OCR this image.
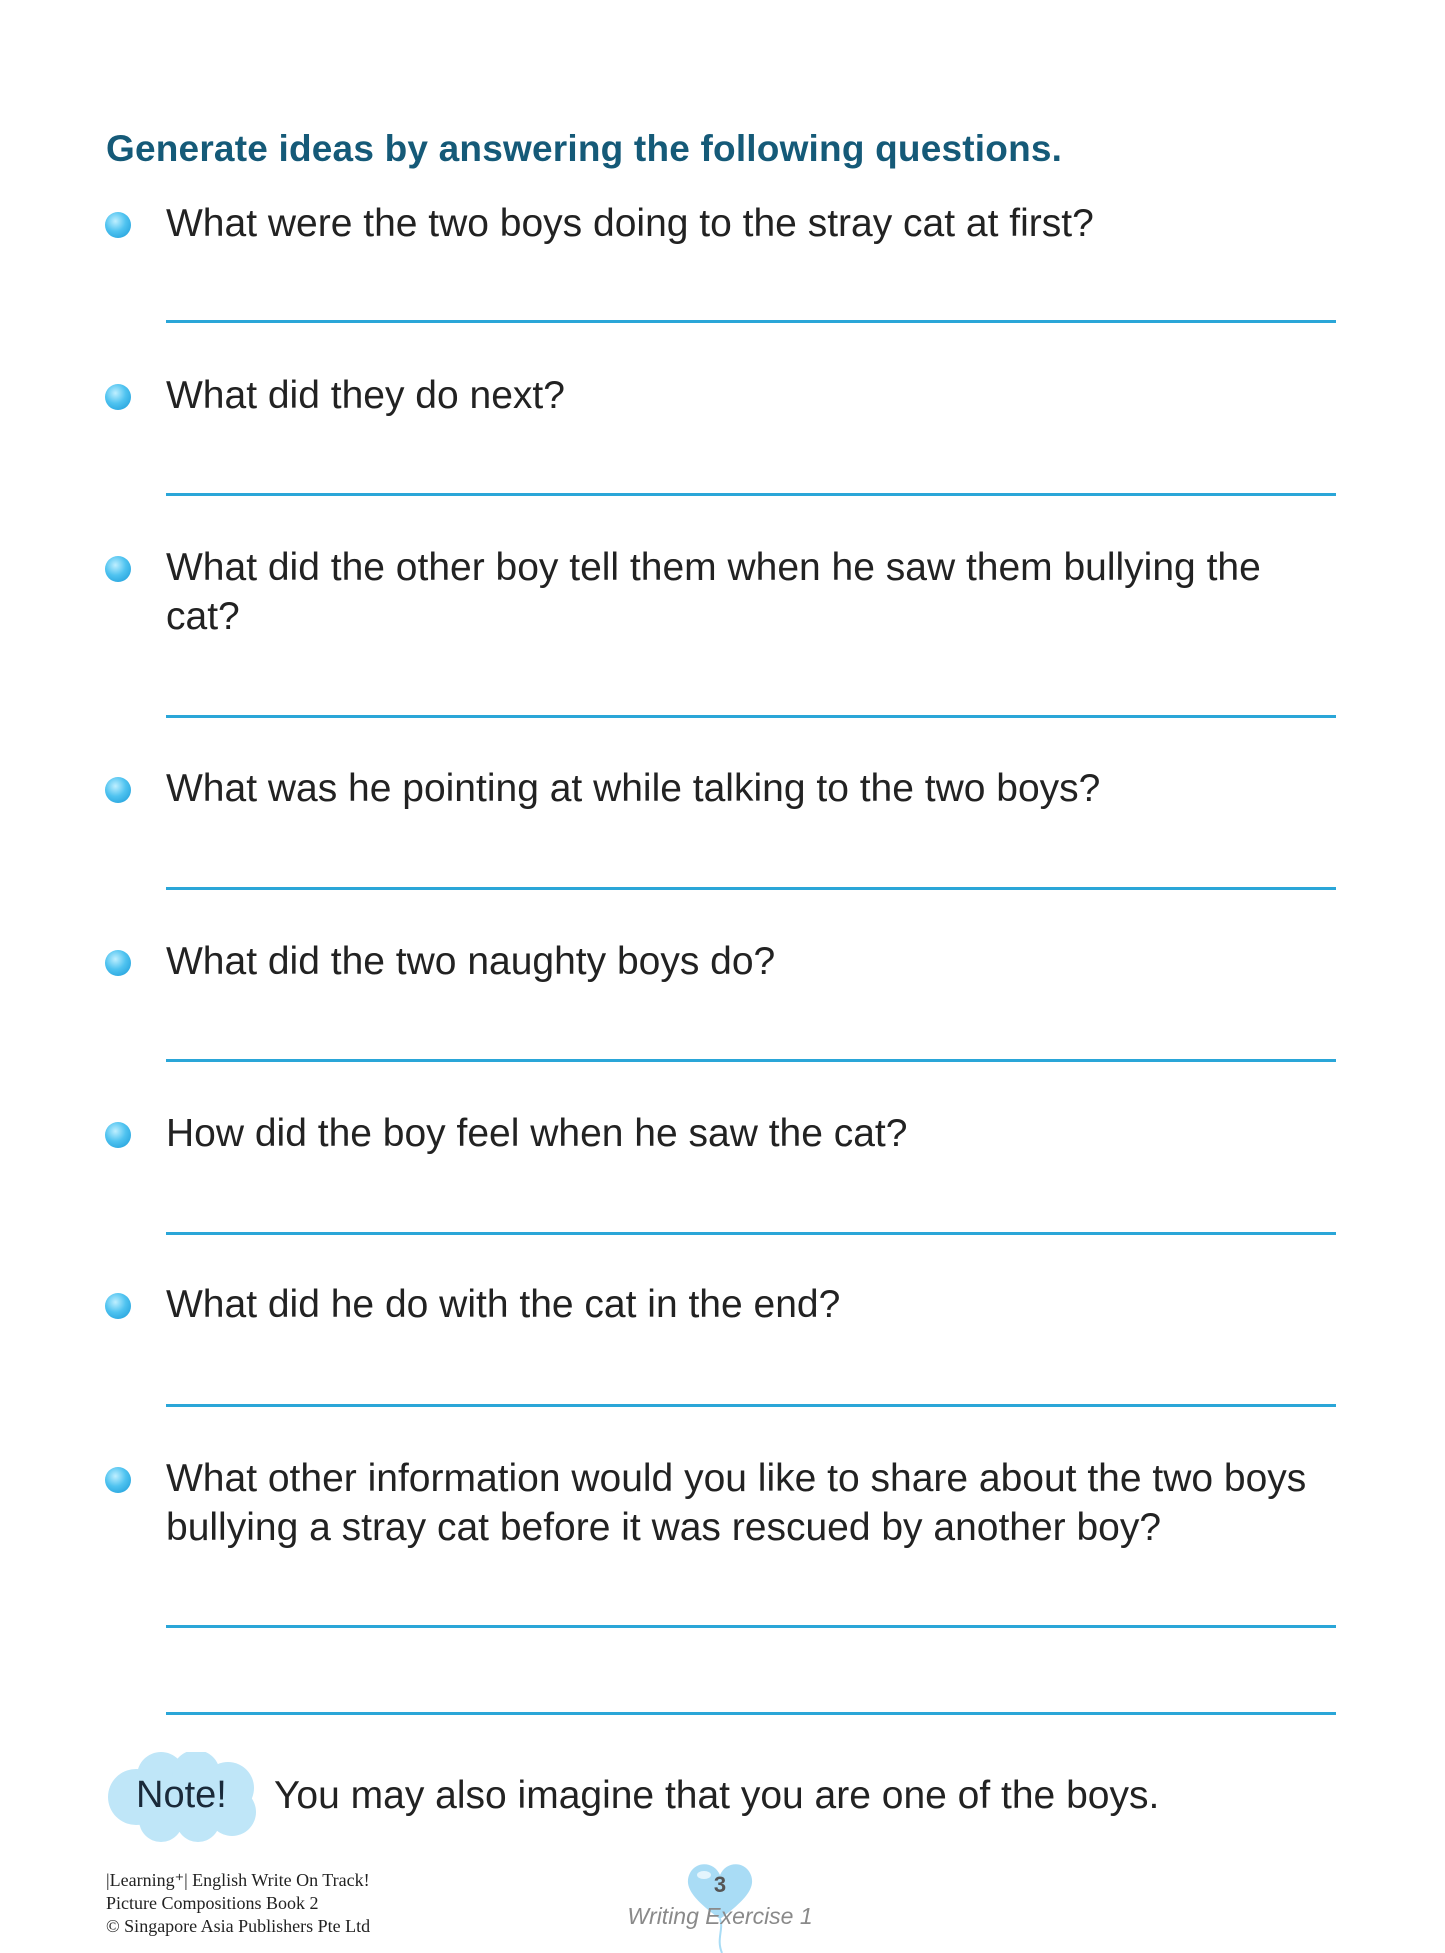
Generate ideas by answering the following questions.
What were the two boys doing to the stray cat at first?
What did they do next?
What did the other boy tell them when he saw them bullying the cat?
What was he pointing at while talking to the two boys?
What did the two naughty boys do?
How did the boy feel when he saw the cat?
What did he do with the cat in the end?
What other information would you like to share about the two boys bullying a stray cat before it was rescued by another boy?
Note! You may also imagine that you are one of the boys.
|Learning⁺| English Write On Track!
Picture Compositions Book 2
© Singapore Asia Publishers Pte Ltd
3
Writing Exercise 1
